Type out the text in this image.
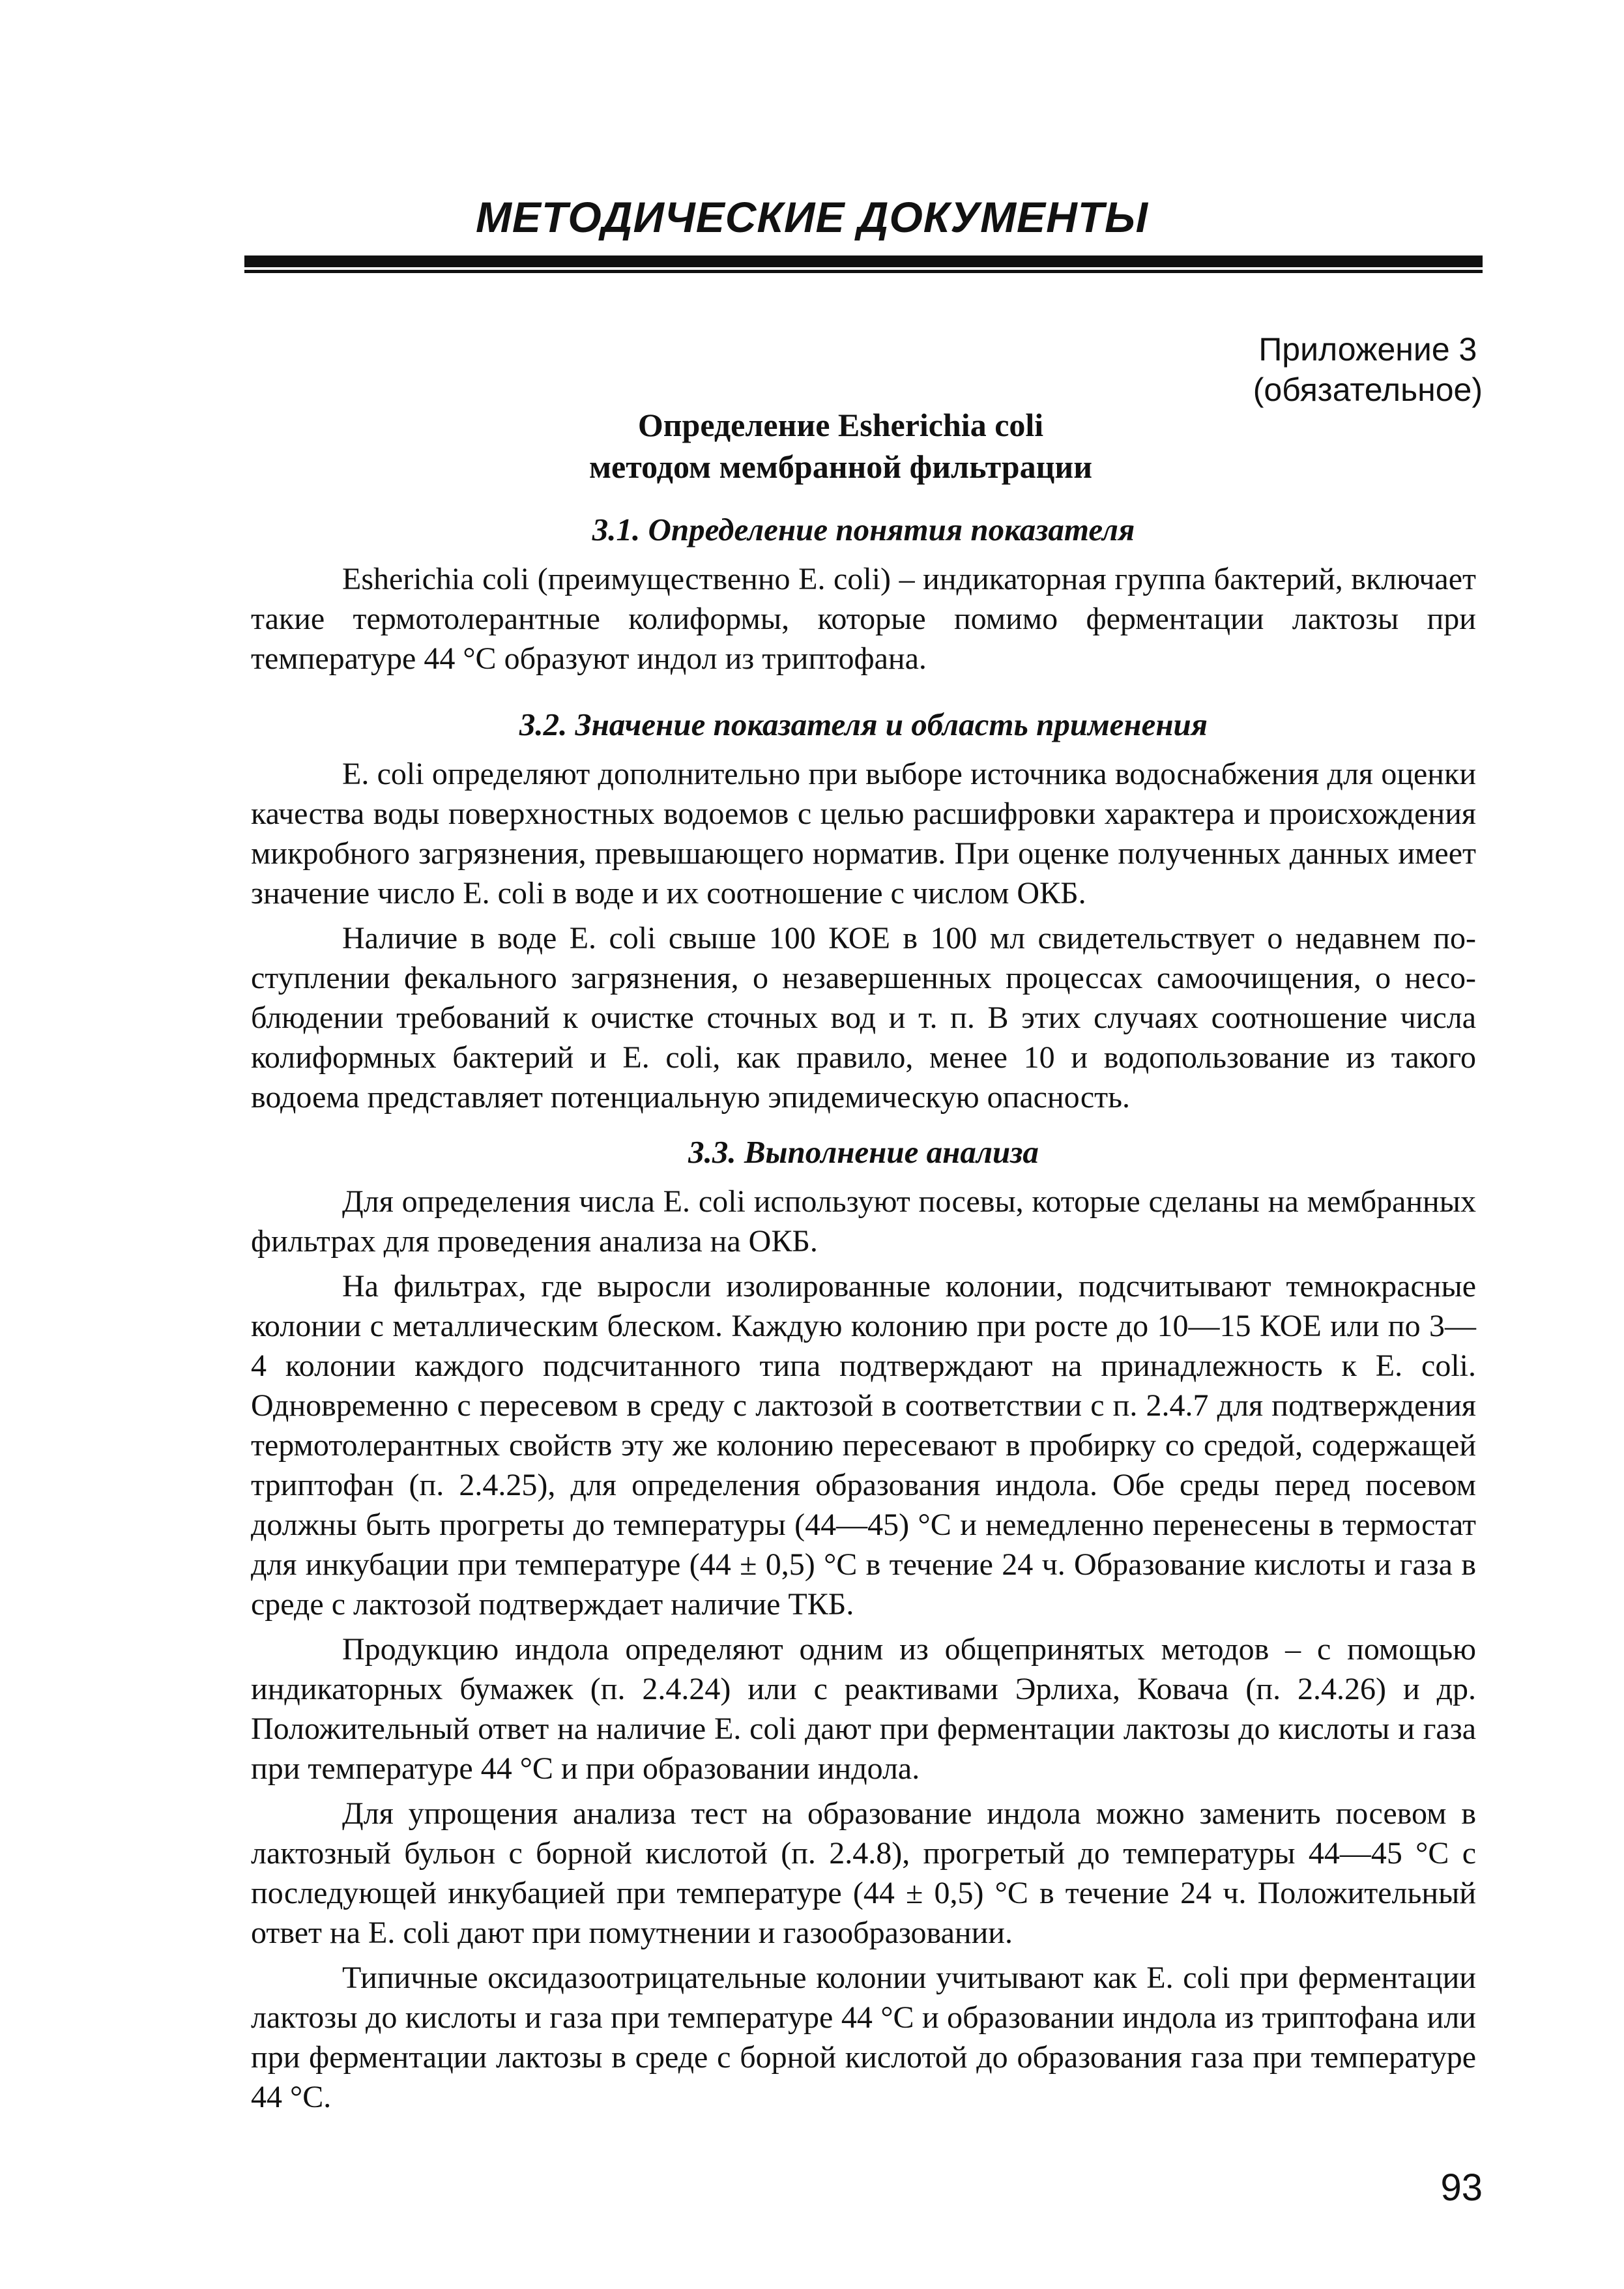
МЕТОДИЧЕСКИЕ ДОКУМЕНТЫ
Приложение 3
(обязательное)
Определение Esherichia coli
методом мембранной фильтрации
3.1. Определение понятия показателя

Esherichia coli (преимущественно E. coli) – индикаторная группа бактерий, включает такие термотолерантные колиформы, которые помимо ферментации лактозы при температуре 44 °С образуют индол из триптофана.

3.2. Значение показателя и область применения

E. coli определяют дополнительно при выборе источника водоснабжения для оценки качества воды поверхностных водоемов с целью расшифровки характера и происхождения микробного загрязнения, превышающего норматив. При оценке полученных данных имеет значение число E. coli в воде и их соотношение с числом ОКБ.

Наличие в воде E. coli свыше 100 КОЕ в 100 мл свидетельствует о недавнем поступлении фекального загрязнения, о незавершенных процессах самоочищения, о несоблюдении требований к очистке сточных вод и т. п. В этих случаях соотношение числа колиформных бактерий и E. coli, как правило, менее 10 и водопользование из такого водоема представляет потенциальную эпидемическую опасность.

3.3. Выполнение анализа

Для определения числа E. coli используют посевы, которые сделаны на мембранных фильтрах для проведения анализа на ОКБ.

На фильтрах, где выросли изолированные колонии, подсчитывают темнокрасные колонии с металлическим блеском. Каждую колонию при росте до 10—15 КОЕ или по 3—4 колонии каждого подсчитанного типа подтверждают на принадлежность к E. coli. Одновременно с пересевом в среду с лактозой в соответствии с п. 2.4.7 для подтверждения термотолерантных свойств эту же колонию пересевают в пробирку со средой, содержащей триптофан (п. 2.4.25), для определения образования индола. Обе среды перед посевом должны быть прогреты до температуры (44—45) °С и немедленно перенесены в термостат для инкубации при температуре (44 ± 0,5) °С в течение 24 ч. Образование кислоты и газа в среде с лактозой подтверждает наличие ТКБ.

Продукцию индола определяют одним из общепринятых методов – с помощью индикаторных бумажек (п. 2.4.24) или с реактивами Эрлиха, Ковача (п. 2.4.26) и др. Положительный ответ на наличие E. coli дают при ферментации лактозы до кислоты и газа при температуре 44 °С и при образовании индола.

Для упрощения анализа тест на образование индола можно заменить посевом в лактозный бульон с борной кислотой (п. 2.4.8), прогретый до температуры 44—45 °С с последующей инкубацией при температуре (44 ± 0,5) °С в течение 24 ч. Положительный ответ на E. coli дают при помутнении и газообразовании.

Типичные оксидазоотрицательные колонии учитывают как E. coli при ферментации лактозы до кислоты и газа при температуре 44 °С и образовании индола из триптофана или при ферментации лактозы в среде с борной кислотой до образования газа при температуре 44 °С.

93
